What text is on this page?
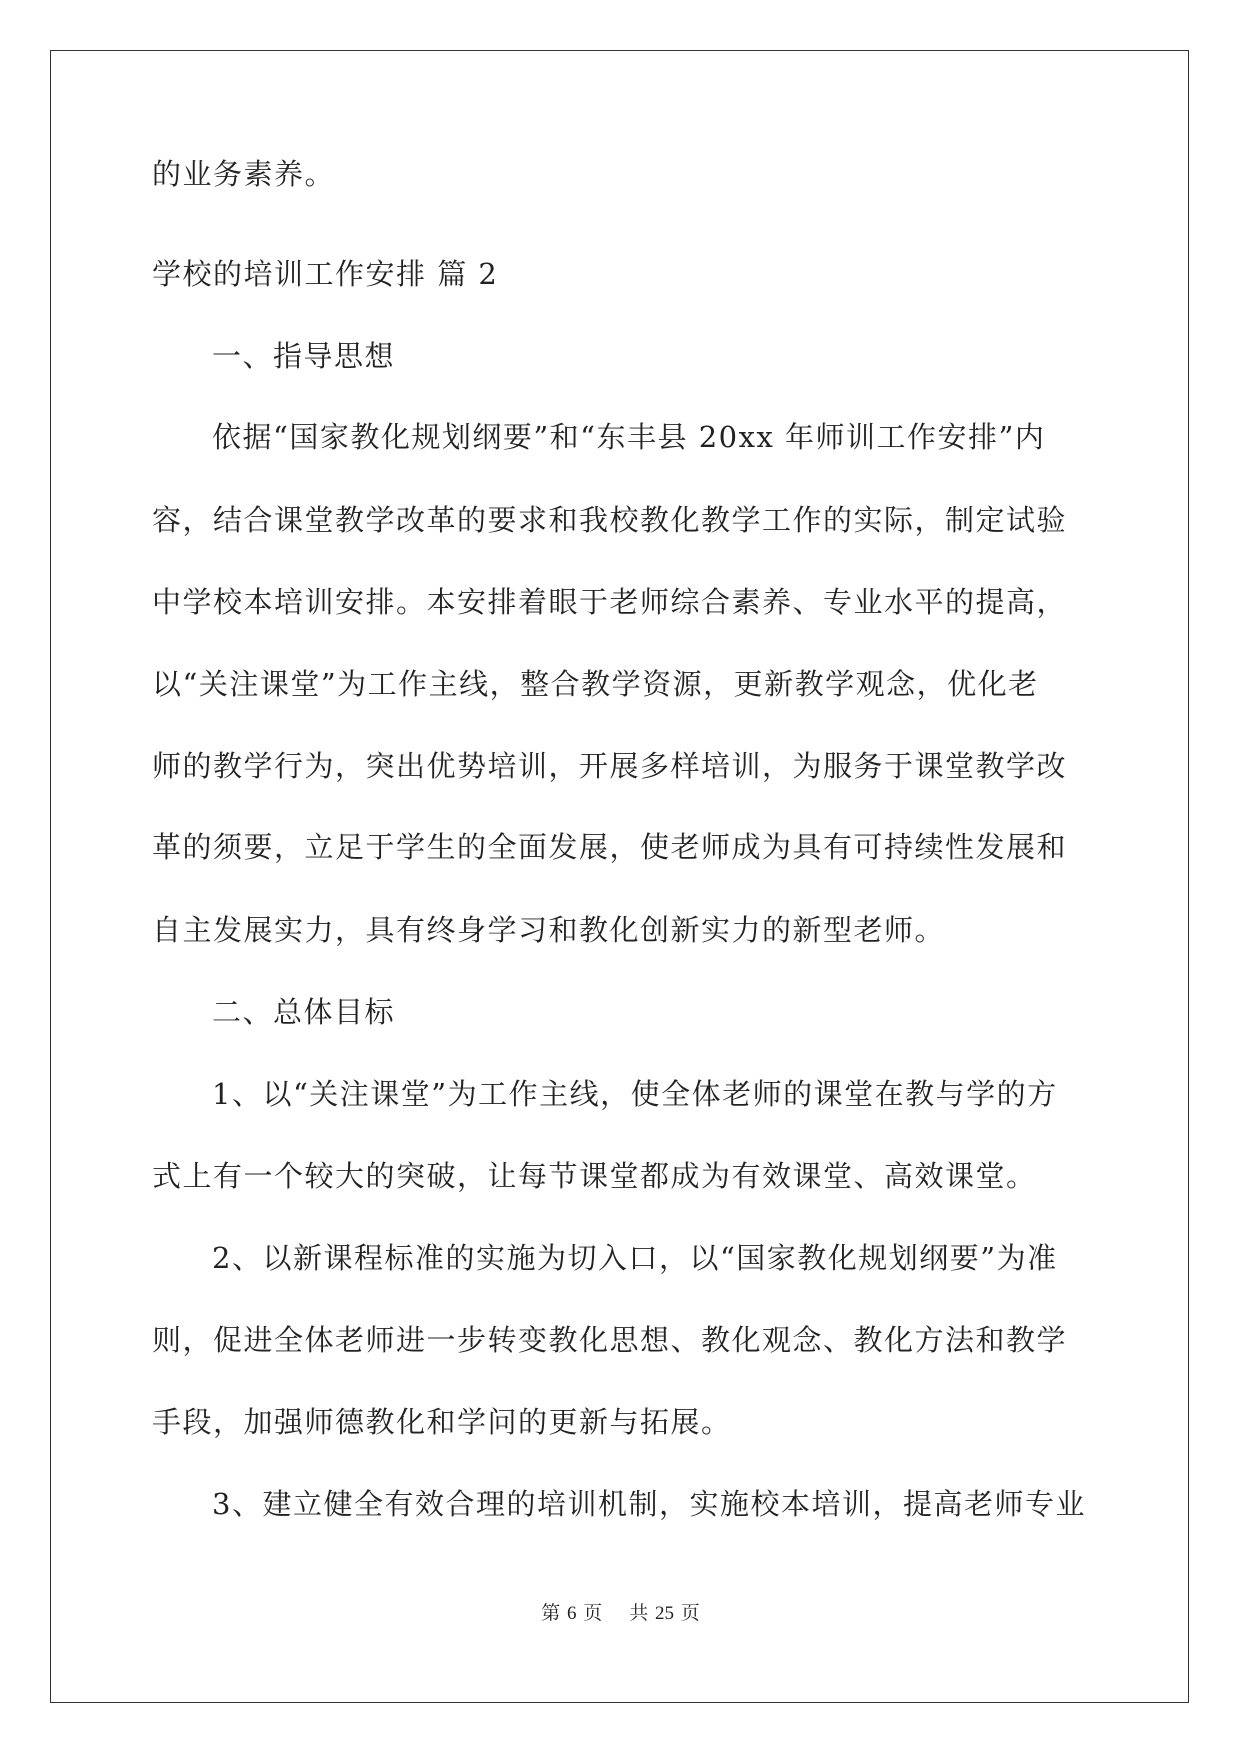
的业务素养。
学校的培训工作安排 篇 2
一、指导思想
依据“国家教化规划纲要”和“东丰县 20xx 年师训工作安排”内
容，结合课堂教学改革的要求和我校教化教学工作的实际，制定试验
中学校本培训安排。本安排着眼于老师综合素养、专业水平的提高，
以“关注课堂”为工作主线，整合教学资源，更新教学观念，优化老
师的教学行为，突出优势培训，开展多样培训，为服务于课堂教学改
革的须要，立足于学生的全面发展，使老师成为具有可持续性发展和
自主发展实力，具有终身学习和教化创新实力的新型老师。
二、总体目标
1、以“关注课堂”为工作主线，使全体老师的课堂在教与学的方
式上有一个较大的突破，让每节课堂都成为有效课堂、高效课堂。
2、以新课程标准的实施为切入口，以“国家教化规划纲要”为准
则，促进全体老师进一步转变教化思想、教化观念、教化方法和教学
手段，加强师德教化和学问的更新与拓展。
3、建立健全有效合理的培训机制，实施校本培训，提高老师专业
第 6 页    共 25 页
